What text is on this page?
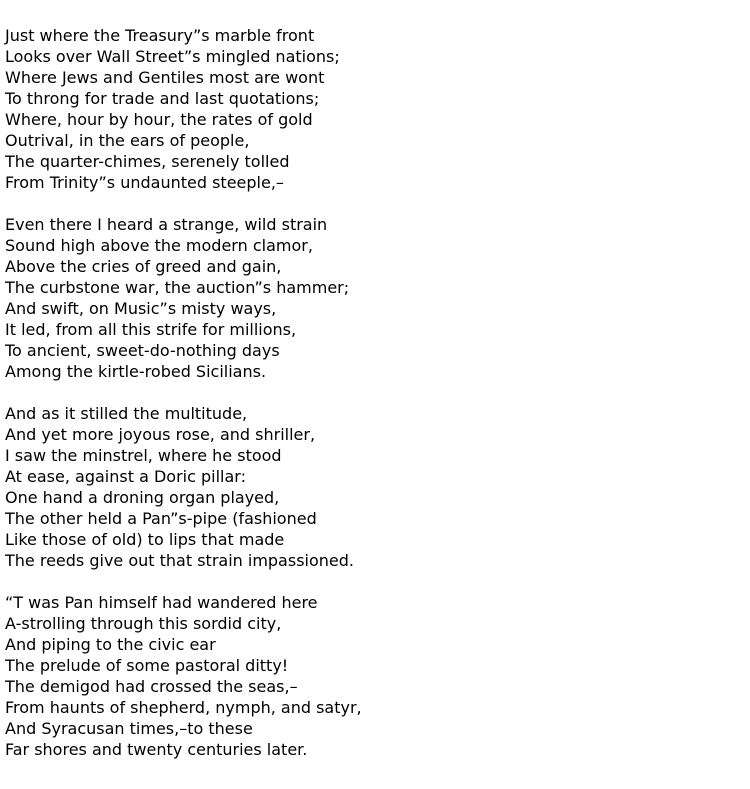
Just where the Treasury”s marble front
Looks over Wall Street”s mingled nations;
Where Jews and Gentiles most are wont
To throng for trade and last quotations;
Where, hour by hour, the rates of gold
Outrival, in the ears of people,
The quarter-chimes, serenely tolled
From Trinity”s undaunted steeple,–
Even there I heard a strange, wild strain
Sound high above the modern clamor,
Above the cries of greed and gain,
The curbstone war, the auction”s hammer;
And swift, on Music”s misty ways,
It led, from all this strife for millions,
To ancient, sweet-do-nothing days
Among the kirtle-robed Sicilians.
And as it stilled the multitude,
And yet more joyous rose, and shriller,
I saw the minstrel, where he stood
At ease, against a Doric pillar:
One hand a droning organ played,
The other held a Pan”s-pipe (fashioned
Like those of old) to lips that made
The reeds give out that strain impassioned.
“T was Pan himself had wandered here
A-strolling through this sordid city,
And piping to the civic ear
The prelude of some pastoral ditty!
The demigod had crossed the seas,–
From haunts of shepherd, nymph, and satyr,
And Syracusan times,–to these
Far shores and twenty centuries later.
